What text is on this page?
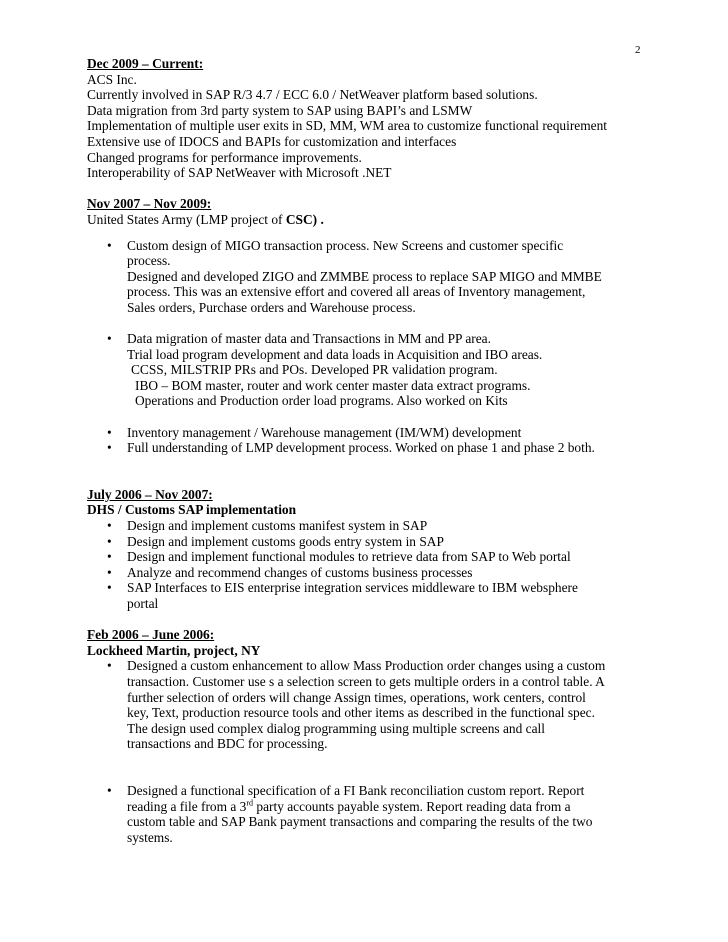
2
Dec 2009 – Current:
ACS Inc.
Currently involved in SAP R/3 4.7 / ECC 6.0 / NetWeaver platform based solutions.
Data migration from 3rd party system to SAP using BAPI’s and LSMW
Implementation of multiple user exits in SD, MM, WM area to customize functional requirement
Extensive use of IDOCS and BAPIs for customization and interfaces
Changed programs for performance improvements.
Interoperability of SAP NetWeaver with Microsoft .NET
Nov 2007 – Nov 2009:
United States Army (LMP project of CSC) .
• Custom design of MIGO transaction process. New Screens and customer specific
process.
Designed and developed ZIGO and ZMMBE process to replace SAP MIGO and MMBE
process. This was an extensive effort and covered all areas of Inventory management,
Sales orders, Purchase orders and Warehouse process.
• Data migration of master data and Transactions in MM and PP area.
Trial load program development and data loads in Acquisition and IBO areas.
CCSS, MILSTRIP PRs and POs. Developed PR validation program.
IBO – BOM master, router and work center master data extract programs.
Operations and Production order load programs. Also worked on Kits
• Inventory management / Warehouse management (IM/WM) development
• Full understanding of LMP development process. Worked on phase 1 and phase 2 both.
July 2006 – Nov 2007:
DHS / Customs SAP implementation
• Design and implement customs manifest system in SAP
• Design and implement customs goods entry system in SAP
• Design and implement functional modules to retrieve data from SAP to Web portal
• Analyze and recommend changes of customs business processes
• SAP Interfaces to EIS enterprise integration services middleware to IBM websphere
portal
Feb 2006 – June 2006:
Lockheed Martin, project, NY
• Designed a custom enhancement to allow Mass Production order changes using a custom
transaction. Customer use s a selection screen to gets multiple orders in a control table. A
further selection of orders will change Assign times, operations, work centers, control
key, Text, production resource tools and other items as described in the functional spec.
The design used complex dialog programming using multiple screens and call
transactions and BDC for processing.
• Designed a functional specification of a FI Bank reconciliation custom report. Report
reading a file from a 3rd party accounts payable system. Report reading data from a
custom table and SAP Bank payment transactions and comparing the results of the two
systems.
